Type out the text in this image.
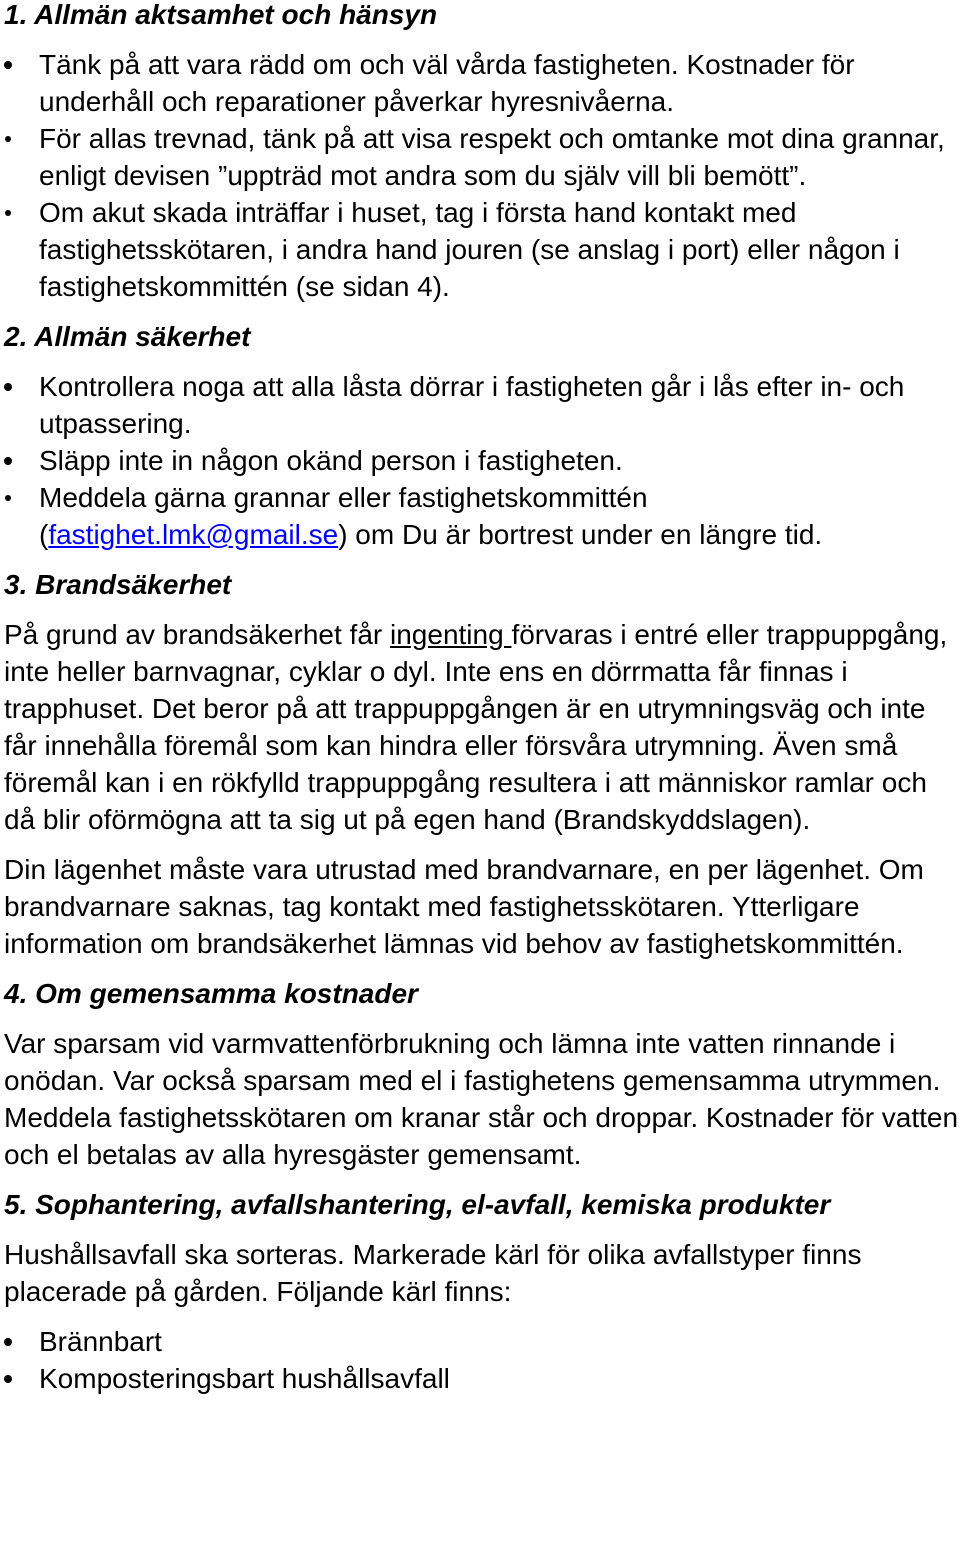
1. Allmän aktsamhet och hänsyn
Tänk på att vara rädd om och väl vårda fastigheten. Kostnader för underhåll och reparationer påverkar hyresnivåerna.
För allas trevnad, tänk på att visa respekt och omtanke mot dina grannar, enligt devisen ”uppträd mot andra som du själv vill bli bemött”.
Om akut skada inträffar i huset, tag i första hand kontakt med fastighetsskötaren, i andra hand jouren (se anslag i port) eller någon i fastighetskommittén (se sidan 4).
2. Allmän säkerhet
Kontrollera noga att alla låsta dörrar i fastigheten går i lås efter in- och utpassering.
Släpp inte in någon okänd person i fastigheten.
Meddela gärna grannar eller fastighetskommittén (fastighet.lmk@gmail.se) om Du är bortrest under en längre tid.
3. Brandsäkerhet

På grund av brandsäkerhet får ingenting förvaras i entré eller trappuppgång, inte heller barnvagnar, cyklar o dyl. Inte ens en dörrmatta får finnas i trapphuset. Det beror på att trappuppgången är en utrymningsväg och inte får innehålla föremål som kan hindra eller försvåra utrymning. Även små föremål kan i en rökfylld trappuppgång resultera i att människor ramlar och då blir oförmögna att ta sig ut på egen hand (Brandskyddslagen).

Din lägenhet måste vara utrustad med brandvarnare, en per lägenhet. Om brandvarnare saknas, tag kontakt med fastighetsskötaren. Ytterligare information om brandsäkerhet lämnas vid behov av fastighetskommittén.

4. Om gemensamma kostnader

Var sparsam vid varmvattenförbrukning och lämna inte vatten rinnande i onödan. Var också sparsam med el i fastighetens gemensamma utrymmen. Meddela fastighetsskötaren om kranar står och droppar. Kostnader för vatten och el betalas av alla hyresgäster gemensamt.

5. Sophantering, avfallshantering, el-avfall, kemiska produkter

Hushållsavfall ska sorteras. Markerade kärl för olika avfallstyper finns placerade på gården. Följande kärl finns:

Brännbart
Komposteringsbart hushållsavfall
